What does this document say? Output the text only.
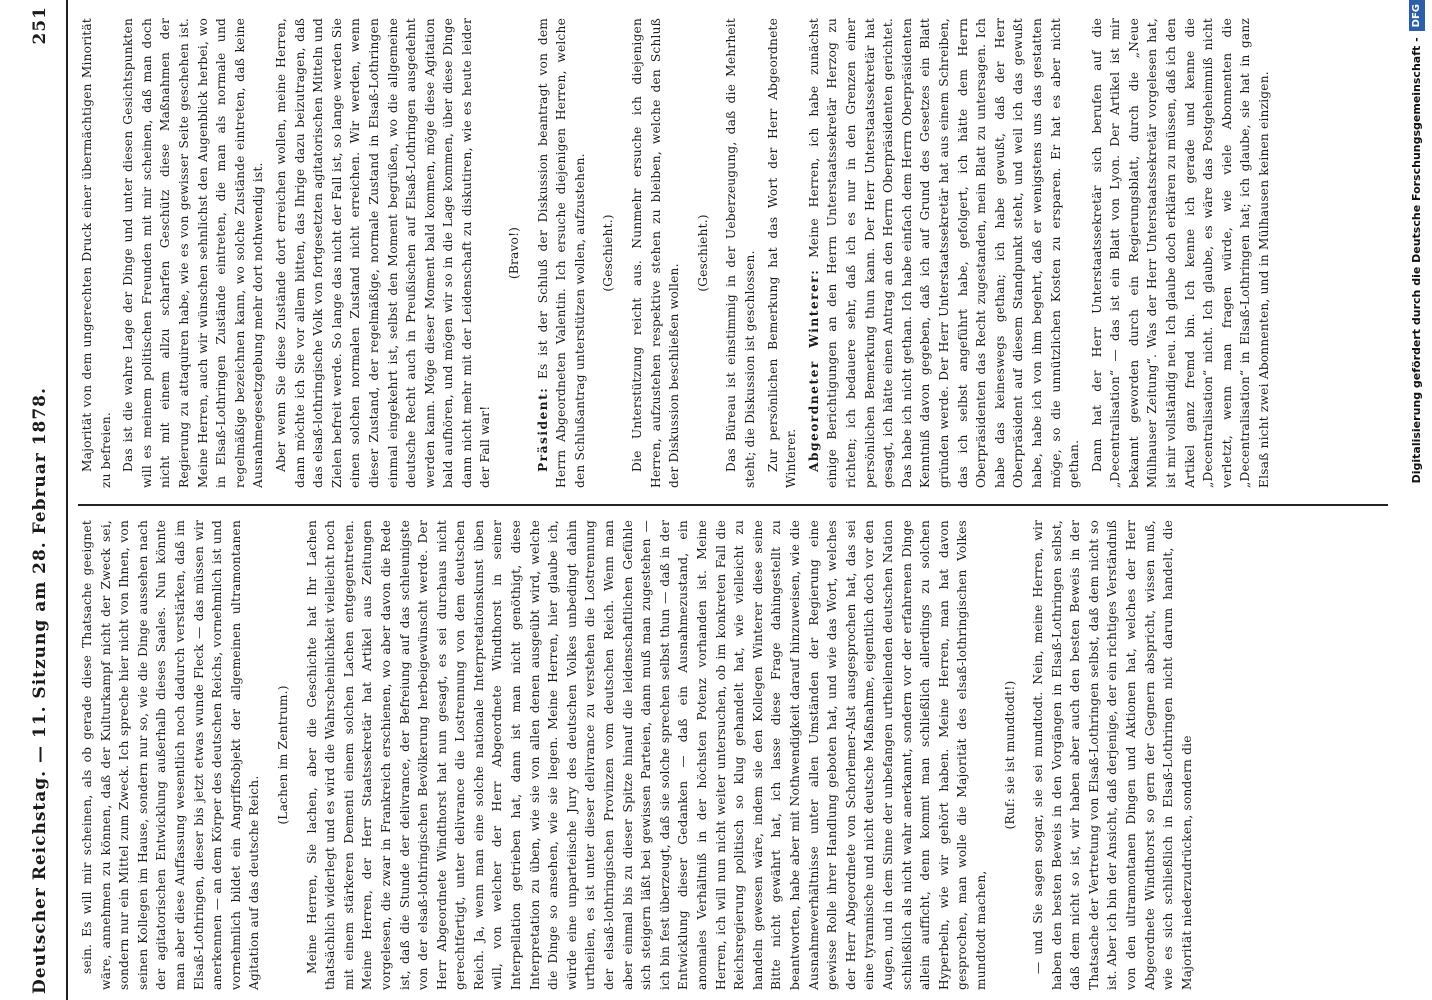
Deutscher Reichstag. — 11. Sitzung am 28. Februar 1878.
251

sein. Es will mir scheinen, als ob gerade diese Thatsache geeignet wäre, annehmen zu können, daß der Kulturkampf nicht der Zweck sei, sondern nur ein Mittel zum Zweck. Ich spreche hier nicht von Ihnen, von seinen Kollegen im Hause, sondern nur so, wie die Dinge aussehen nach der agitatorischen Entwicklung außerhalb dieses Saales. Nun könnte man aber diese Auffassung wesentlich noch dadurch verstärken, daß im Elsaß-Lothringen, dieser bis jetzt etwas wunde Fleck — das müssen wir anerkennen — an dem Körper des deutschen Reichs, vornehmlich ist und vornehmlich bildet ein Angriffsobjekt der allgemeinen ultramontanen Agitation auf das deutsche Reich.

(Lachen im Zentrum.) Meine Herren, Sie lachen, aber die Geschichte hat Ihr Lachen thatsächlich widerlegt und es wird die Wahrscheinlichkeit vielleicht noch mit einem stärkeren Dementi einem solchen Lachen entgegentreten. Meine Herren, der Herr Staatssekretär hat Artikel aus Zeitungen vorgelesen, die zwar in Frankreich erschienen, wo aber davon die Rede ist, daß die Stunde der delivrance, der Befreiung auf das schleunigste von der elsaß-lothringischen Bevölkerung herbeigewünscht werde. Der Herr Abgeordnete Windthorst hat nun gesagt, es sei durchaus nicht gerechtfertigt, unter delivrance die Lostrennung von dem deutschen Reich. Ja, wenn man eine solche nationale Interpretationskunst üben will, von welcher der Herr Abgeordnete Windthorst in seiner Interpellation getrieben hat, dann ist man nicht genöthigt, diese Interpretation zu üben, wie sie von allen denen ausgeübt wird, welche die Dinge so ansehen, wie sie liegen. Meine Herren, hier glaube ich, würde eine unparteiische Jury des deutschen Volkes unbedingt dahin urtheilen, es ist unter dieser delivrance zu verstehen die Lostrennung der elsaß-lothringischen Provinzen vom deutschen Reich. Wenn man aber einmal bis zu dieser Spitze hinauf die leidenschaftlichen Gefühle sich steigern läßt bei gewissen Parteien, dann muß man zugestehen — ich bin fest überzeugt, daß sie solche sprechen selbst thun — daß in der Entwicklung dieser Gedanken — daß ein Ausnahmezustand, ein anomales Verhältniß in der höchsten Potenz vorhanden ist. Meine Herren, ich will nun nicht weiter untersuchen, ob im konkreten Fall die Reichsregierung politisch so klug gehandelt hat, wie vielleicht zu handeln gewesen wäre, indem sie den Kollegen Winterer diese seine Bitte nicht gewährt hat, ich lasse diese Frage dahingestellt zu beantworten, habe aber mit Nothwendigkeit darauf hinzuweisen, wie die Ausnahmeverhältnisse unter allen Umständen der Regierung eine gewisse Rolle ihrer Handlung geboten hat, und wie das Wort, welches der Herr Abgeordnete von Schorlemer-Alst ausgesprochen hat, das sei eine tyrannische und nicht deutsche Maßnahme, eigentlich doch vor den Augen, und in dem Sinne der unbefangen urtheilenden deutschen Nation schließlich als nicht wahr anerkannt, sondern vor der erfahrenen Dinge allein aufficht, denn kommt man schließlich allerdings zu solchen Hyperbeln, wie wir gehört haben. Meine Herren, man hat davon gesprochen, man wolle die Majorität des elsaß-lothringischen Volkes mundtodt machen,

(Ruf: sie ist mundtodt!) — und Sie sagen sogar, sie sei mundtodt. Nein, meine Herren, wir haben den besten Beweis in den Vorgängen in Elsaß-Lothringen selbst, daß dem nicht so ist, wir haben aber auch den besten Beweis in der Thatsache der Vertretung von Elsaß-Lothringen selbst, daß dem nicht so ist. Aber ich bin der Ansicht, daß derjenige, der ein richtiges Verständniß von den ultramontanen Dingen und Aktionen hat, welches der Herr Abgeordnete Windthorst so gern der Gegnern abspricht, wissen muß, wie es sich schließlich in Elsaß-Lothringen nicht darum handelt, die Majorität niederzudrücken, sondern die

Majorität von dem ungerechten Druck einer übermächtigen Minorität zu befreien. Das ist die wahre Lage der Dinge und unter diesen Gesichtspunkten will es meinem politischen Freunden mit mir scheinen, daß man doch nicht mit einem allzu scharfen Geschütz diese Maßnahmen der Regierung zu attaquiren habe, wie es von gewisser Seite geschehen ist. Meine Herren, auch wir wünschen sehnlichst den Augenblick herbei, wo in Elsaß-Lothringen Zustände eintreten, die man als normale und regelmäßige bezeichnen kann, wo solche Zustände eintreten, daß keine Ausnahmegesetzgebung mehr dort nothwendig ist. Aber wenn Sie diese Zustände dort erreichen wollen, meine Herren, dann möchte ich Sie vor allem bitten, das Ihrige dazu beizutragen, daß das elsaß-lothringische Volk von fortgesetzten agitatorischen Mitteln und Zielen befreit werde. So lange das nicht der Fall ist, so lange werden Sie einen solchen normalen Zustand nicht erreichen. Wir werden, wenn dieser Zustand, der regelmäßige, normale Zustand in Elsaß-Lothringen einmal eingekehrt ist, selbst den Moment begrüßen, wo die allgemeine deutsche Recht auch in Preußischen auf Elsaß-Lothringen ausgedehnt werden kann. Möge dieser Moment bald kommen, möge diese Agitation bald aufhören, und mögen wir so in die Lage kommen, über diese Dinge dann nicht mehr mit der Leidenschaft zu diskutiren, wie es heute leider der Fall war!

(Bravo!)

Präsident: Es ist der Schluß der Diskussion beantragt von dem Herrn Abgeordneten Valentin. Ich ersuche diejenigen Herren, welche den Schlußantrag unterstützen wollen, aufzustehen. (Geschieht.) Die Unterstützung reicht aus. Nunmehr ersuche ich diejenigen Herren, aufzustehen respektive stehen zu bleiben, welche den Schluß der Diskussion beschließen wollen.

(Geschieht.) Das Büreau ist einstimmig in der Ueberzeugung, daß die Mehrheit steht; die Diskussion ist geschlossen. Zur persönlichen Bemerkung hat das Wort der Herr Abgeordnete Winterer. Abgeordneter Winterer: Meine Herren, ich habe zunächst einige Berichtigungen an den Herrn Unterstaatssekretär Herzog zu richten; ich bedauere sehr, daß ich es nur in den Grenzen einer persönlichen Bemerkung thun kann. Der Herr Unterstaatssekretär hat gesagt, ich hätte einen Antrag an den Herrn Oberpräsidenten gerichtet. Das habe ich nicht gethan. Ich habe einfach dem Herrn Oberpräsidenten Kenntniß davon gegeben, daß ich auf Grund des Gesetzes ein Blatt gründen werde. Der Herr Unterstaatssekretär hat aus einem Schreiben, das ich selbst angeführt habe, gefolgert, ich hätte dem Herrn Oberpräsidenten das Recht zugestanden, mein Blatt zu untersagen. Ich habe das keineswegs gethan; ich habe gewußt, daß der Herr Oberpräsident auf diesem Standpunkt steht, und weil ich das gewußt habe, habe ich von ihm begehrt, daß er wenigstens uns das gestatten möge, so die unnützlichen Kosten zu ersparen. Er hat es aber nicht gethan. Dann hat der Herr Unterstaatssekretär sich berufen auf die „Decentralisation“ — das ist ein Blatt von Lyon. Der Artikel ist mir bekannt geworden durch ein Regierungsblatt, durch die „Neue Mülhauser Zeitung“. Was der Herr Unterstaatssekretär vorgelesen hat, ist mir vollständig neu. Ich glaube doch erklären zu müssen, daß ich den Artikel ganz fremd bin. Ich kenne ich gerade und kenne die „Decentralisation“ nicht. Ich glaube, es wäre das Postgeheimniß nicht verletzt, wenn man fragen würde, wie viele Abonnenten die „Decentralisation“ in Elsaß-Lothringen hat; ich glaube, sie hat in ganz Elsaß nicht zwei Abonnenten, und in Mülhausen keinen einzigen.	Digitalisierung gefördert durch die Deutsche Forschungsgemeinschaft -DFG
